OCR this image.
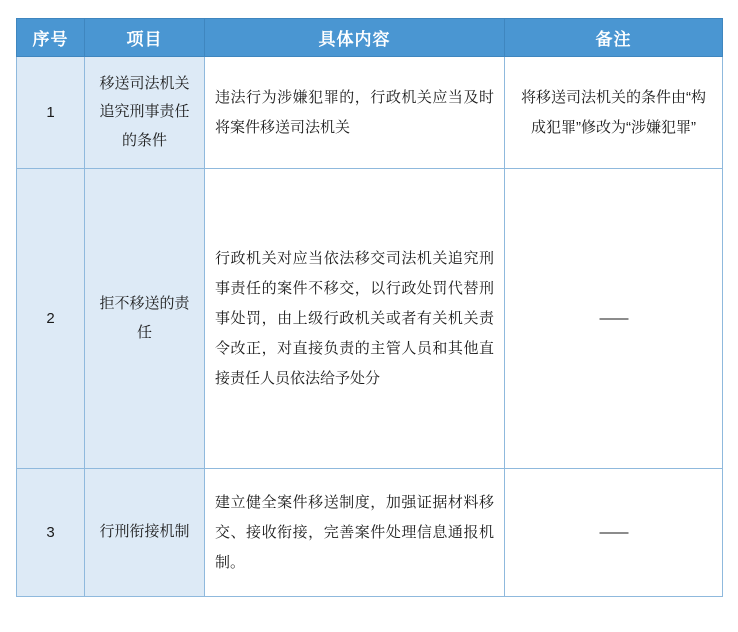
序号	项目	具体内容	备注
1	移送司法机关追究刑事责任的条件	违法行为涉嫌犯罪的，行政机关应当及时将案件移送司法机关	将移送司法机关的条件由“构成犯罪”修改为“涉嫌犯罪”
2	拒不移送的责任	行政机关对应当依法移交司法机关追究刑事责任的案件不移交，以行政处罚代替刑事处罚，由上级行政机关或者有关机关责令改正，对直接负责的主管人员和其他直接责任人员依法给予处分	——
3	行刑衔接机制	建立健全案件移送制度，加强证据材料移交、接收衔接，完善案件处理信息通报机制。	——
